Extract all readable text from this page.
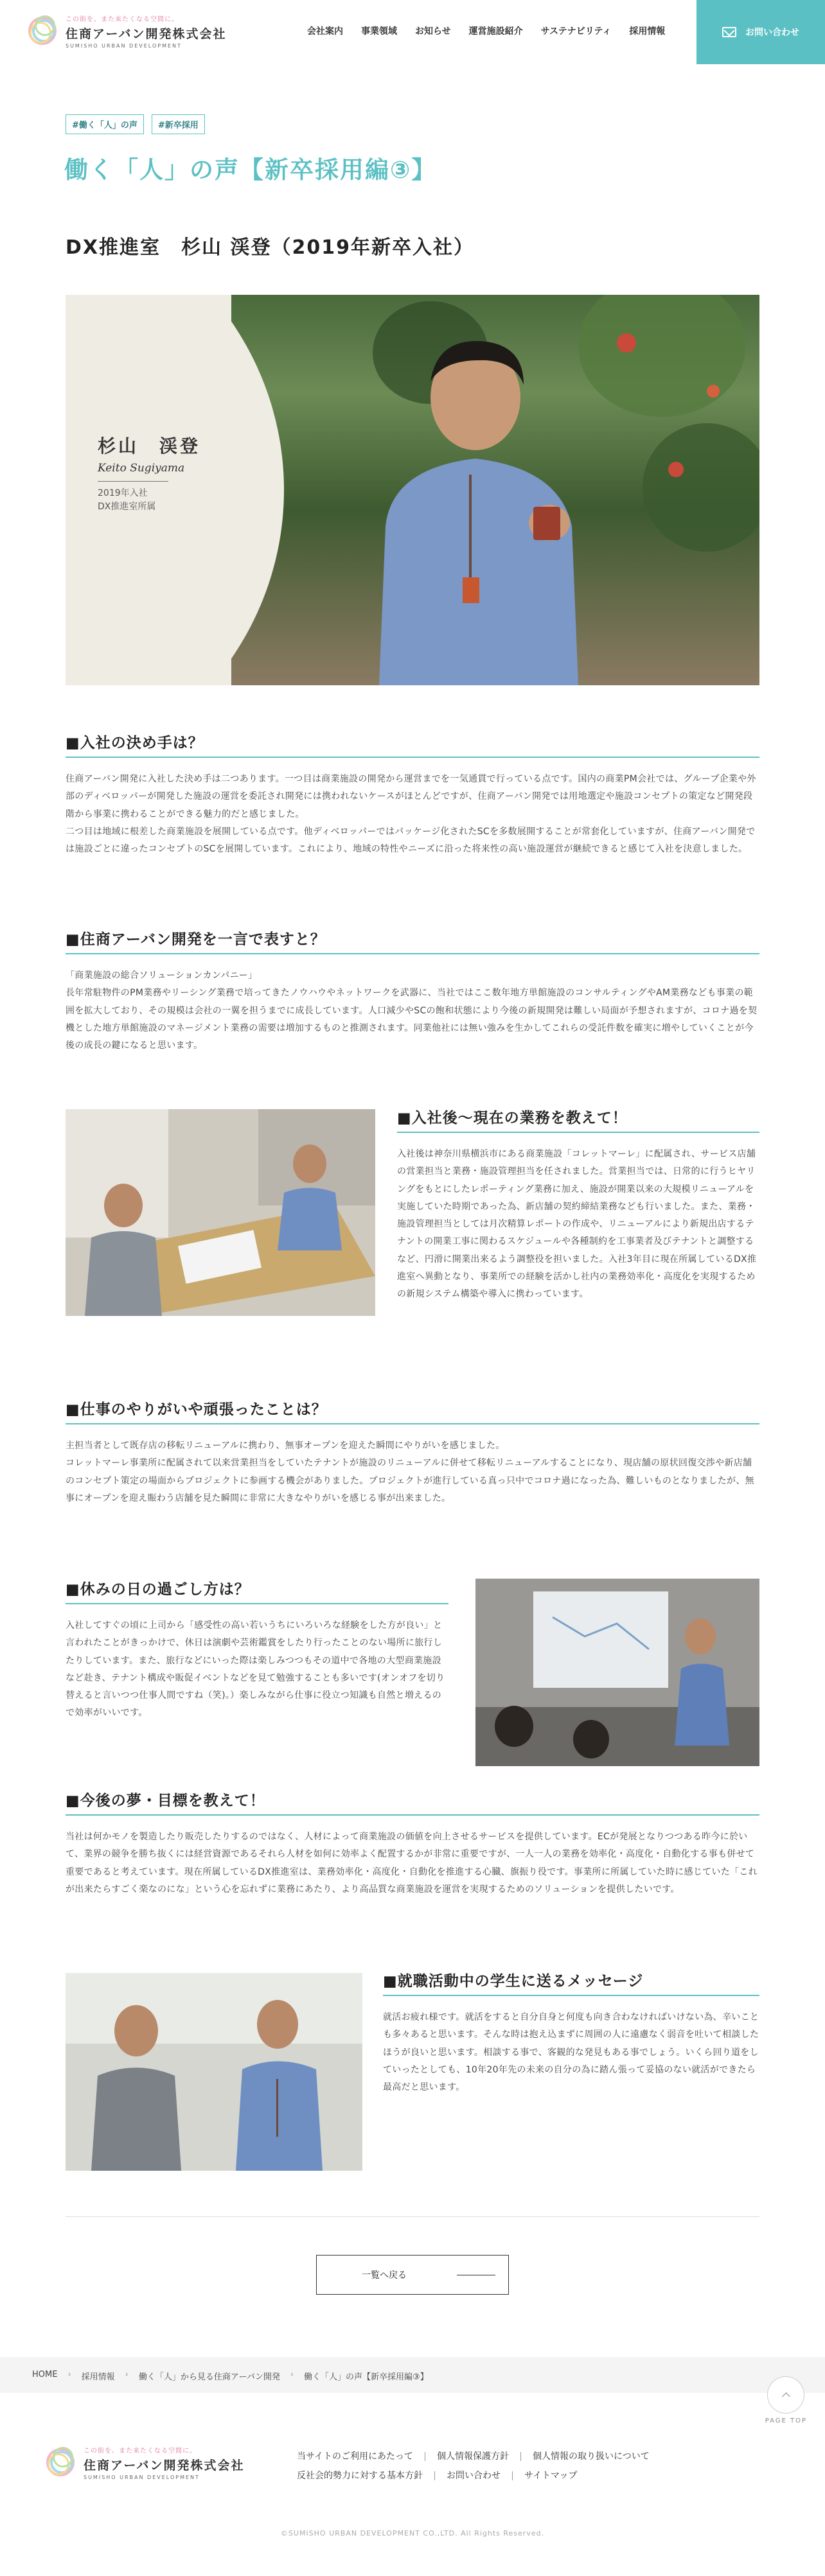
この街を、また来たくなる空間に。
住商アーバン開発株式会社
SUMISHO URBAN DEVELOPMENT
会社案内 事業領域 お知らせ 運営施設紹介 サステナビリティ 採用情報	お問い合わせ
#働く「人」の声	#新卒採用
働く「人」の声【新卒採用編③】
DX推進室　杉山 渓登（2019年新卒入社）
杉山　渓登
Keito Sugiyama
2019年入社
DX推進室所属
■入社の決め手は？

住商アーバン開発に入社した決め手は二つあります。一つ目は商業施設の開発から運営までを一気通貫で行っている点です。国内の商業PM会社では、グループ企業や外部のディベロッパーが開発した施設の運営を委託され開発には携われないケースがほとんどですが、住商アーバン開発では用地選定や施設コンセプトの策定など開発段階から事業に携わることができる魅力的だと感じました。

二つ目は地域に根差した商業施設を展開している点です。他ディベロッパーではパッケージ化されたSCを多数展開することが常套化していますが、住商アーバン開発では施設ごとに違ったコンセプトのSCを展開しています。これにより、地域の特性やニーズに沿った将来性の高い施設運営が継続できると感じて入社を決意しました。

■住商アーバン開発を一言で表すと？

「商業施設の総合ソリューションカンパニー」

長年常駐物件のPM業務やリーシング業務で培ってきたノウハウやネットワークを武器に、当社ではここ数年地方単館施設のコンサルティングやAM業務なども事業の範囲を拡大しており、その規模は会社の一翼を担うまでに成長しています。人口減少やSCの飽和状態により今後の新規開発は難しい局面が予想されますが、コロナ過を契機とした地方単館施設のマネージメント業務の需要は増加するものと推測されます。同業他社には無い強みを生かしてこれらの受託件数を確実に増やしていくことが今後の成長の鍵になると思います。

■入社後～現在の業務を教えて！

入社後は神奈川県横浜市にある商業施設「コレットマーレ」に配属され、サービス店舗の営業担当と業務・施設管理担当を任されました。営業担当では、日常的に行うヒヤリングをもとにしたレポーティング業務に加え、施設が開業以来の大規模リニューアルを実施していた時期であった為、新店舗の契約締結業務なども行いました。また、業務・施設管理担当としては月次精算レポートの作成や、リニューアルにより新規出店するテナントの開業工事に関わるスケジュールや各種制約を工事業者及びテナントと調整するなど、円滑に開業出来るよう調整役を担いました。入社3年目に現在所属しているDX推進室へ異動となり、事業所での経験を活かし社内の業務効率化・高度化を実現するための新規システム構築や導入に携わっています。

■仕事のやりがいや頑張ったことは？

主担当者として既存店の移転リニューアルに携わり、無事オープンを迎えた瞬間にやりがいを感じました。

コレットマーレ事業所に配属されて以来営業担当をしていたテナントが施設のリニューアルに併せて移転リニューアルすることになり、現店舗の原状回復交渉や新店舗のコンセプト策定の場面からプロジェクトに参画する機会がありました。プロジェクトが進行している真っ只中でコロナ過になった為、難しいものとなりましたが、無事にオープンを迎え賑わう店舗を見た瞬間に非常に大きなやりがいを感じる事が出来ました。

■休みの日の過ごし方は？

入社してすぐの頃に上司から「感受性の高い若いうちにいろいろな経験をした方が良い」と言われたことがきっかけで、休日は演劇や芸術鑑賞をしたり行ったことのない場所に旅行したりしています。また、旅行などにいった際は楽しみつつもその道中で各地の大型商業施設など赴き、テナント構成や販促イベントなどを見て勉強することも多いです(オンオフを切り替えると言いつつ仕事人間ですね（笑)。）楽しみながら仕事に役立つ知識も自然と増えるので効率がいいです。

■今後の夢・目標を教えて！

当社は何かモノを製造したり販売したりするのではなく、人材によって商業施設の価値を向上させるサービスを提供しています。ECが発展となりつつある昨今に於いて、業界の競争を勝ち抜くには経営資源であるそれら人材を如何に効率よく配置するかが非常に重要ですが、一人一人の業務を効率化・高度化・自動化する事も併せて重要であると考えています。現在所属しているDX推進室は、業務効率化・高度化・自動化を推進する心臓、旗振り役です。事業所に所属していた時に感じていた「これが出来たらすごく楽なのにな」という心を忘れずに業務にあたり、より高品質な商業施設を運営を実現するためのソリューションを提供したいです。

■就職活動中の学生に送るメッセージ

就活お疲れ様です。就活をすると自分自身と何度も向き合わなければいけない為、辛いことも多々あると思います。そんな時は抱え込まずに周囲の人に遠慮なく弱音を吐いて相談したほうが良いと思います。相談する事で、客観的な発見もある事でしょう。いくら回り道をしていったとしても、10年20年先の未来の自分の為に踏ん張って妥協のない就活ができたら最高だと思います。

一覧へ戻る
HOME › 採用情報 › 働く「人」から見る住商アーバン開発 › 働く「人」の声【新卒採用編③】
PAGE TOP
この街を、また来たくなる空間に。
住商アーバン開発株式会社
SUMISHO URBAN DEVELOPMENT
当サイトのご利用にあたって	個人情報保護方針	個人情報の取り扱いについて
反社会的勢力に対する基本方針	お問い合わせ	サイトマップ
©SUMISHO URBAN DEVELOPMENT CO.,LTD. All Rights Reserved.
